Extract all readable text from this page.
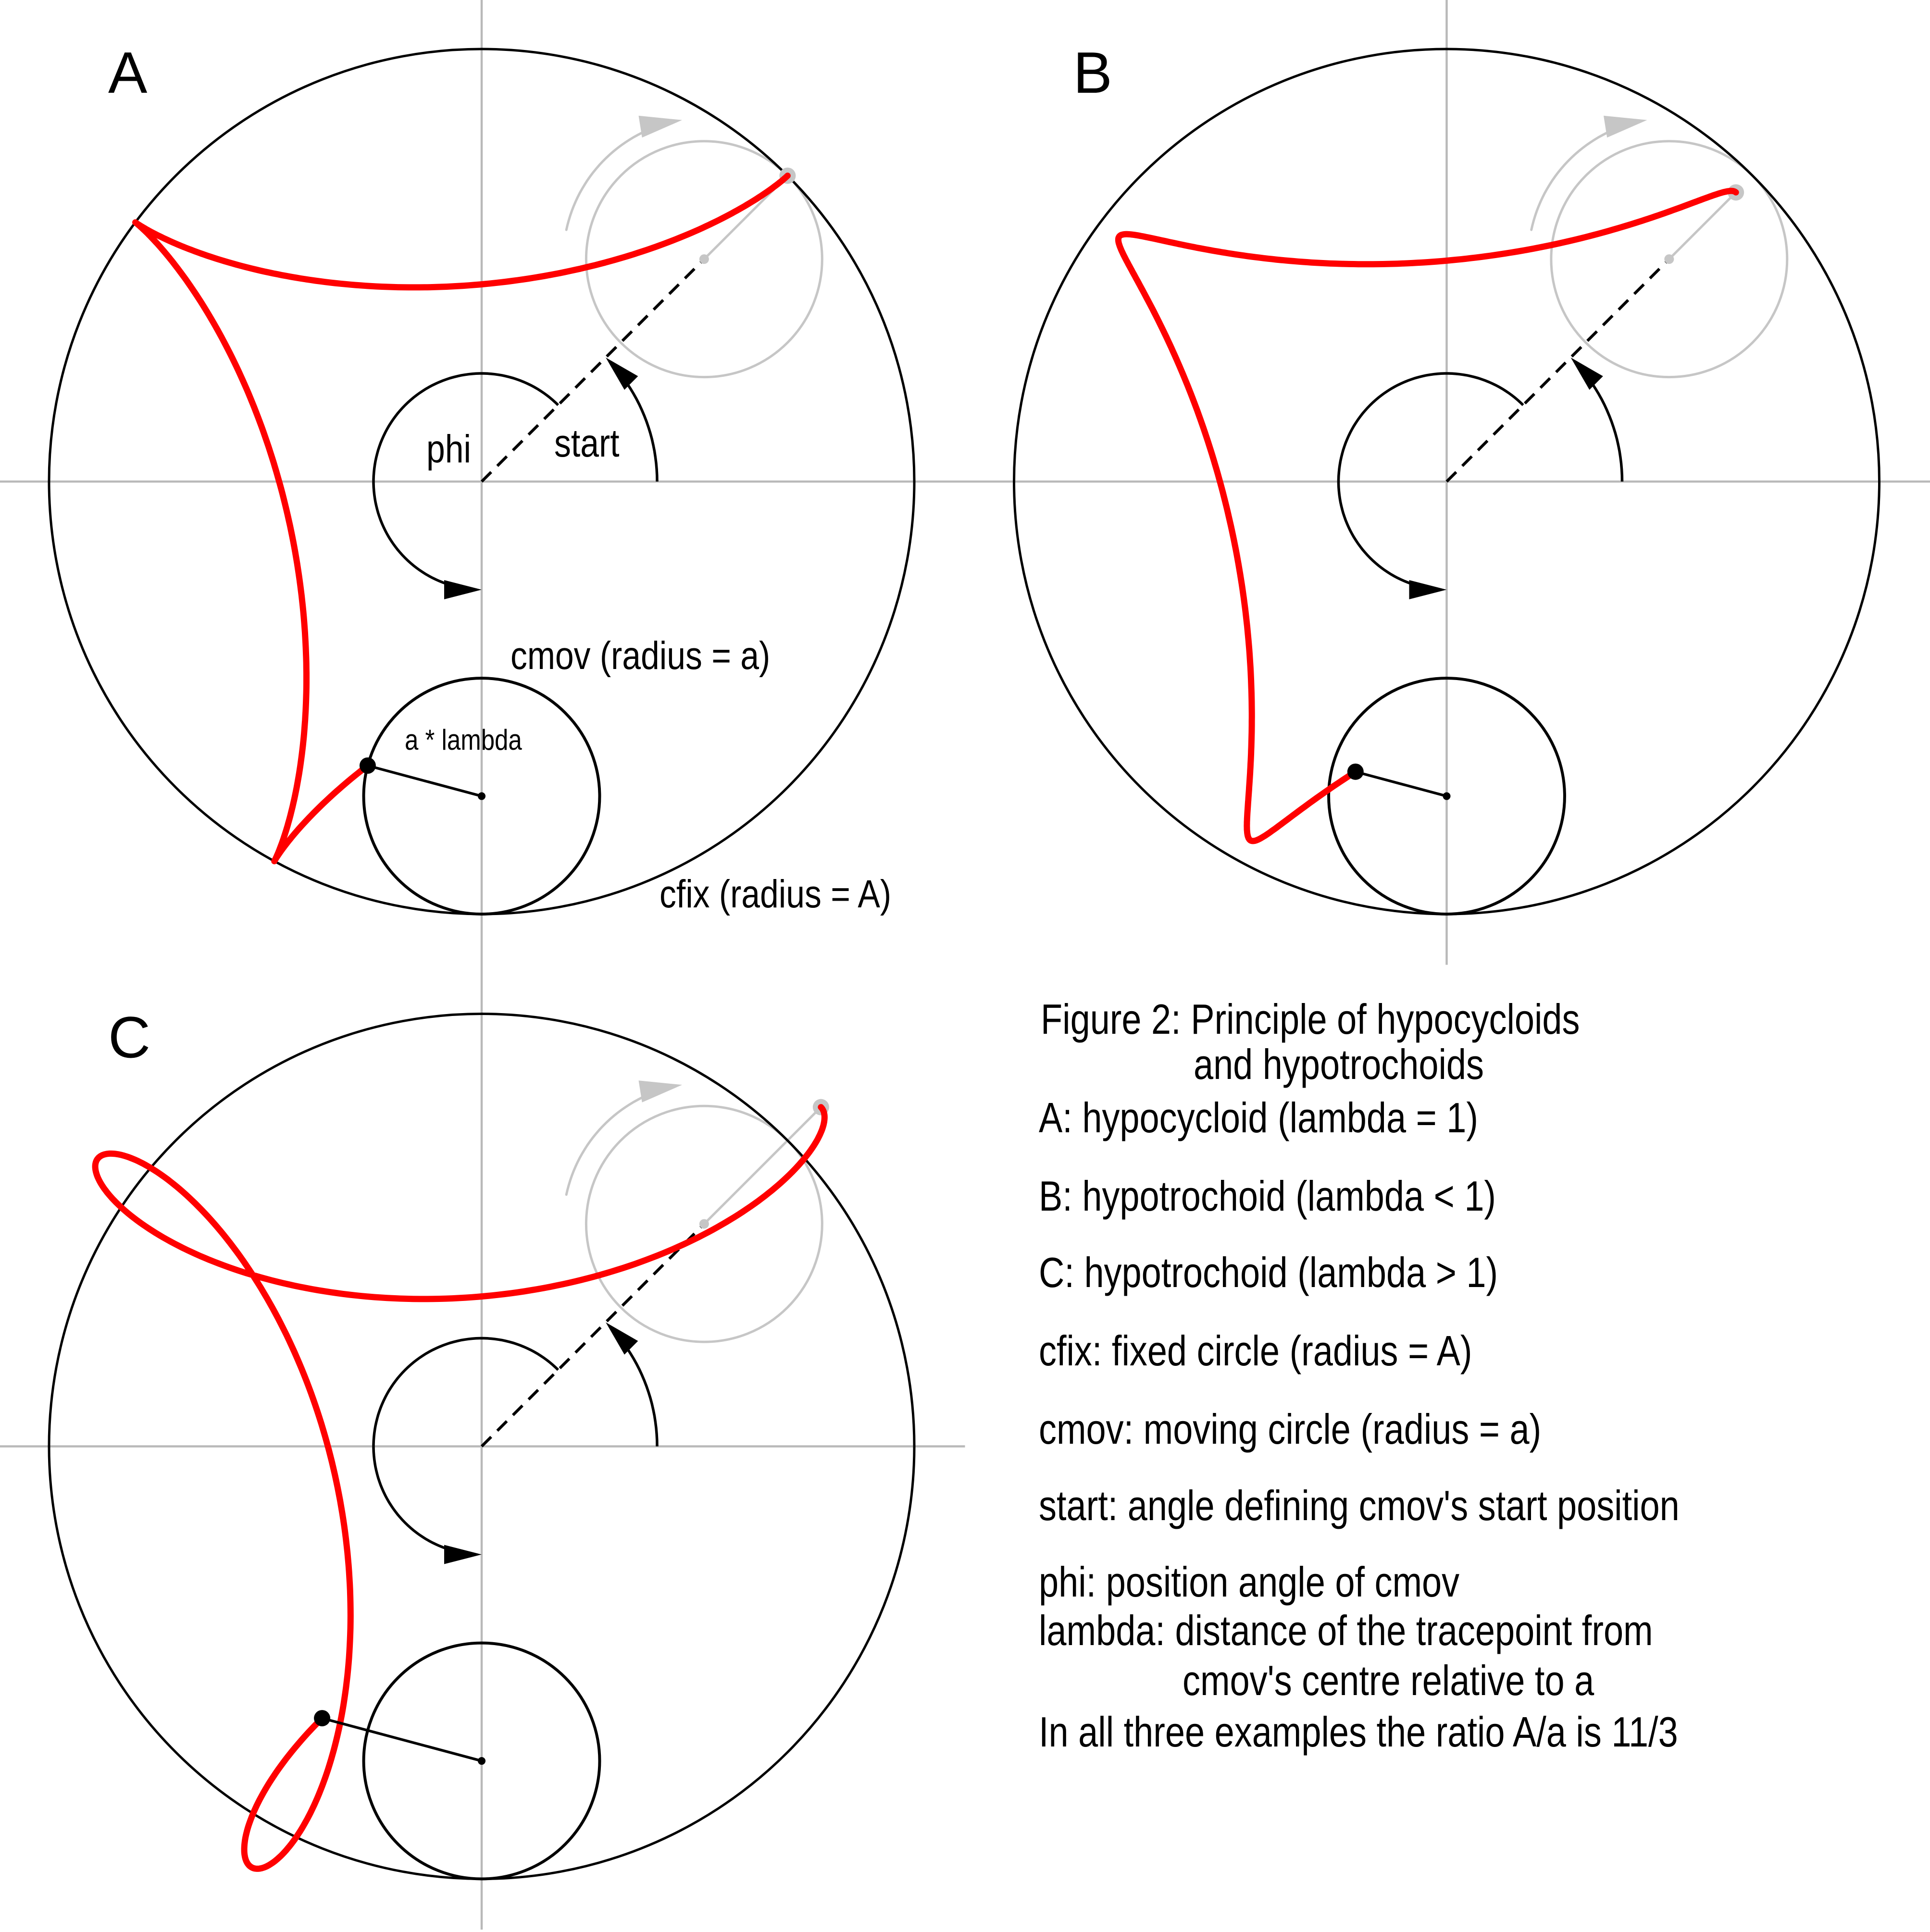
A
phi start
cmov (radius = a)
a * lambda
cfix (radius = A)
B
C	Figure 2: Principle of hypocycloids
and hypotrochoids
A: hypocycloid (lambda = 1)
B: hypotrochoid (lambda < 1)
C: hypotrochoid (lambda > 1)
cfix: fixed circle (radius = A)
cmov: moving circle (radius = a)
start: angle defining cmov's start position
phi: position angle of cmov
lambda: distance of the tracepoint from
cmov's centre relative to a
In all three examples the ratio A/a is 11/3
